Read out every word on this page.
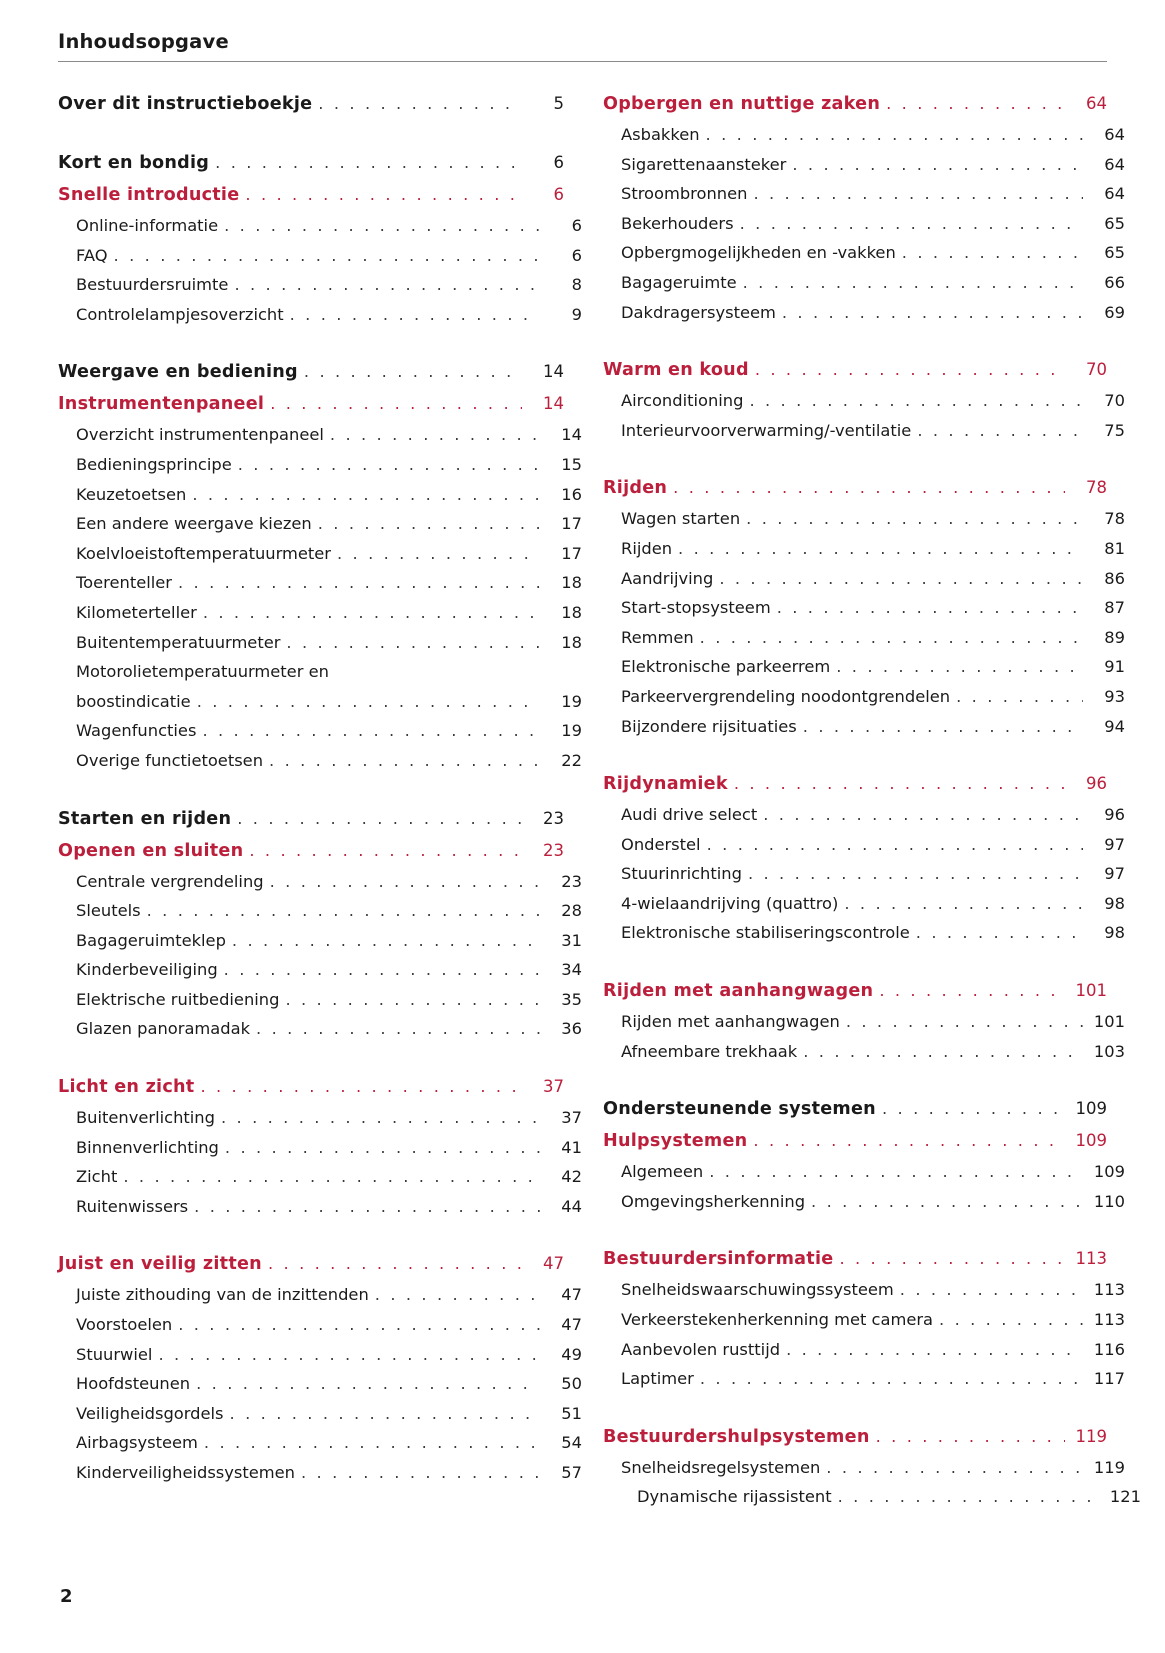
Inhoudsopgave
Over dit instructieboekje . . .	5
Kort en bondig . . .	6
Snelle introductie . . .	6
Online-informatie . . .	6
FAQ . . .	6
Bestuurdersruimte . . .	8
Controlelampjesoverzicht . . .	9
Weergave en bediening . . .	14
Instrumentenpaneel . . .	14
Overzicht instrumentenpaneel . . .	14
Bedieningsprincipe . . .	15
Keuzetoetsen . . .	16
Een andere weergave kiezen . . .	17
Koelvloeistoftemperatuurmeter . . .	17
Toerenteller . . .	18
Kilometerteller . . .	18
Buitentemperatuurmeter . . .	18
Motorolietemperatuurmeter en
boostindicatie . . .	19
Wagenfuncties . . .	19
Overige functietoetsen . . .	22
Starten en rijden . . .	23
Openen en sluiten . . .	23
Centrale vergrendeling . . .	23
Sleutels . . .	28
Bagageruimteklep . . .	31
Kinderbeveiliging . . .	34
Elektrische ruitbediening . . .	35
Glazen panoramadak . . .	36
Licht en zicht . . .	37
Buitenverlichting . . .	37
Binnenverlichting . . .	41
Zicht . . .	42
Ruitenwissers . . .	44
Juist en veilig zitten . . .	47
Juiste zithouding van de inzittenden . . .	47
Voorstoelen . . .	47
Stuurwiel . . .	49
Hoofdsteunen . . .	50
Veiligheidsgordels . . .	51
Airbagsysteem . . .	54
Kinderveiligheidssystemen . . .	57
Opbergen en nuttige zaken . . .	64
Asbakken . . .	64
Sigarettenaansteker . . .	64
Stroombronnen . . .	64
Bekerhouders . . .	65
Opbergmogelijkheden en -vakken . . .	65
Bagageruimte . . .	66
Dakdragersysteem . . .	69
Warm en koud . . .	70
Airconditioning . . .	70
Interieurvoorverwarming/-ventilatie . . .	75
Rijden . . .	78
Wagen starten . . .	78
Rijden . . .	81
Aandrijving . . .	86
Start-stopsysteem . . .	87
Remmen . . .	89
Elektronische parkeerrem . . .	91
Parkeervergrendeling noodontgrendelen . . .	93
Bijzondere rijsituaties . . .	94
Rijdynamiek . . .	96
Audi drive select . . .	96
Onderstel . . .	97
Stuurinrichting . . .	97
4-wielaandrijving (quattro) . . .	98
Elektronische stabiliseringscontrole . . .	98
Rijden met aanhangwagen . . .	101
Rijden met aanhangwagen . . .	101
Afneembare trekhaak . . .	103
Ondersteunende systemen . . .	109
Hulpsystemen . . .	109
Algemeen . . .	109
Omgevingsherkenning . . .	110
Bestuurdersinformatie . . .	113
Snelheidswaarschuwingssysteem . . .	113
Verkeerstekenherkenning met camera . . .	113
Aanbevolen rusttijd . . .	116
Laptimer . . .	117
Bestuurdershulpsystemen . . .	119
Snelheidsregelsystemen . . .	119
Dynamische rijassistent . . .	121
2
